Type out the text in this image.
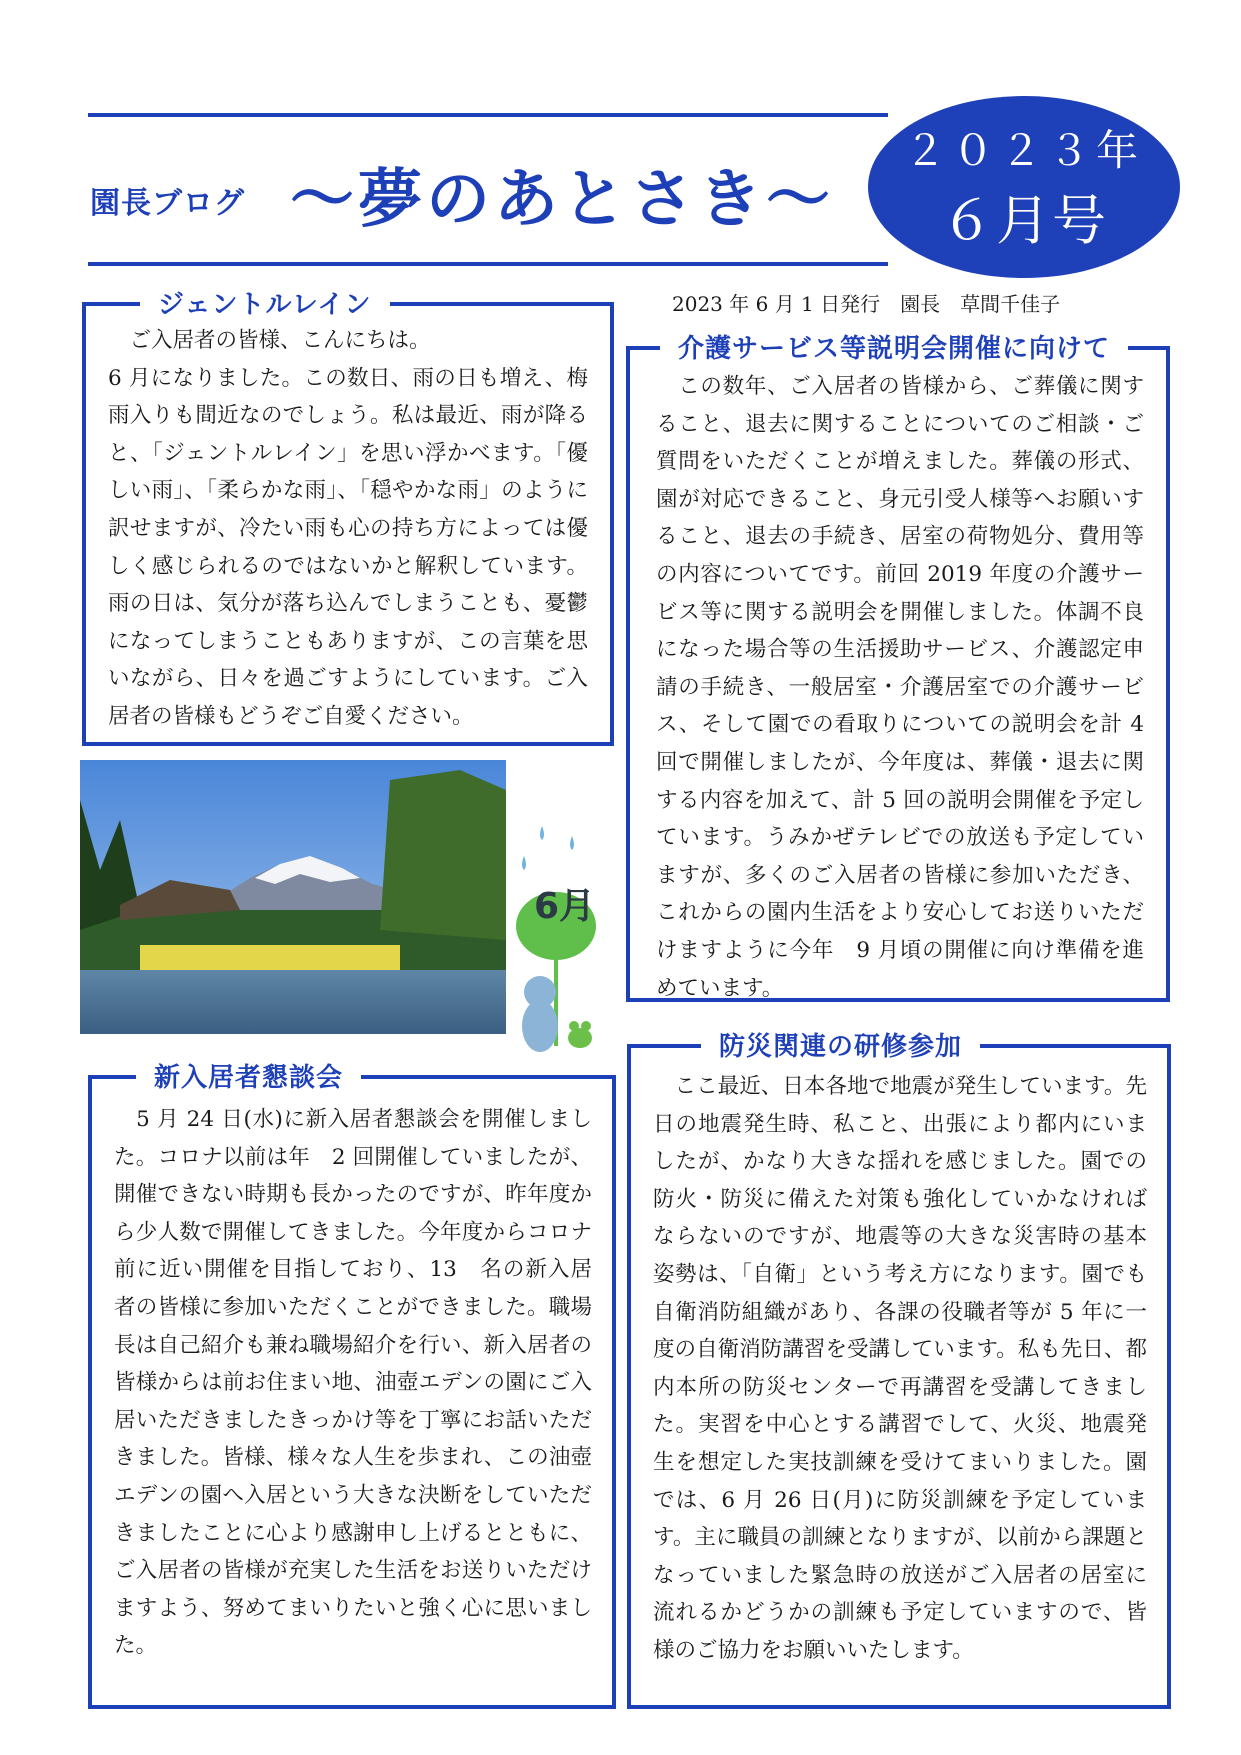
園長ブログ ～夢のあとさき～
２０２３年
６月号
2023 年 6 月 1 日発行　園長　草間千佳子
ジェントルレイン
　ご入居者の皆様、こんにちは。
6 月になりました。この数日、雨の日も増え、梅雨入りも間近なのでしょう。私は最近、雨が降ると、「ジェントルレイン」を思い浮かべます。「優しい雨」、「柔らかな雨」、「穏やかな雨」のように訳せますが、冷たい雨も心の持ち方によっては優しく感じられるのではないかと解釈しています。雨の日は、気分が落ち込んでしまうことも、憂鬱になってしまうこともありますが、この言葉を思いながら、日々を過ごすようにしています。ご入居者の皆様もどうぞご自愛ください。
介護サービス等説明会開催に向けて
　この数年、ご入居者の皆様から、ご葬儀に関すること、退去に関することについてのご相談・ご質問をいただくことが増えました。葬儀の形式、園が対応できること、身元引受人様等へお願いすること、退去の手続き、居室の荷物処分、費用等の内容についてです。前回 2019 年度の介護サービス等に関する説明会を開催しました。体調不良になった場合等の生活援助サービス、介護認定申請の手続き、一般居室・介護居室での介護サービス、そして園での看取りについての説明会を計 4回で開催しましたが、今年度は、葬儀・退去に関する内容を加えて、計 5 回の説明会開催を予定しています。うみかぜテレビでの放送も予定していますが、多くのご入居者の皆様に参加いただき、これからの園内生活をより安心してお送りいただけますように今年　9 月頃の開催に向け準備を進めています。
6月
新入居者懇談会
　5 月 24 日(水)に新入居者懇談会を開催しました。コロナ以前は年　2 回開催していましたが、開催できない時期も長かったのですが、昨年度から少人数で開催してきました。今年度からコロナ前に近い開催を目指しており、13　名の新入居者の皆様に参加いただくことができました。職場長は自己紹介も兼ね職場紹介を行い、新入居者の皆様からは前お住まい地、油壺エデンの園にご入居いただきましたきっかけ等を丁寧にお話いただきました。皆様、様々な人生を歩まれ、この油壺エデンの園へ入居という大きな決断をしていただきましたことに心より感謝申し上げるとともに、ご入居者の皆様が充実した生活をお送りいただけますよう、努めてまいりたいと強く心に思いました。
防災関連の研修参加
　ここ最近、日本各地で地震が発生しています。先日の地震発生時、私こと、出張により都内にいましたが、かなり大きな揺れを感じました。園での防火・防災に備えた対策も強化していかなければならないのですが、地震等の大きな災害時の基本姿勢は、「自衛」という考え方になります。園でも自衛消防組織があり、各課の役職者等が 5 年に一度の自衛消防講習を受講しています。私も先日、都内本所の防災センターで再講習を受講してきました。実習を中心とする講習でして、火災、地震発生を想定した実技訓練を受けてまいりました。園では、6 月 26 日(月)に防災訓練を予定しています。主に職員の訓練となりますが、以前から課題となっていました緊急時の放送がご入居者の居室に流れるかどうかの訓練も予定していますので、皆様のご協力をお願いいたします。
